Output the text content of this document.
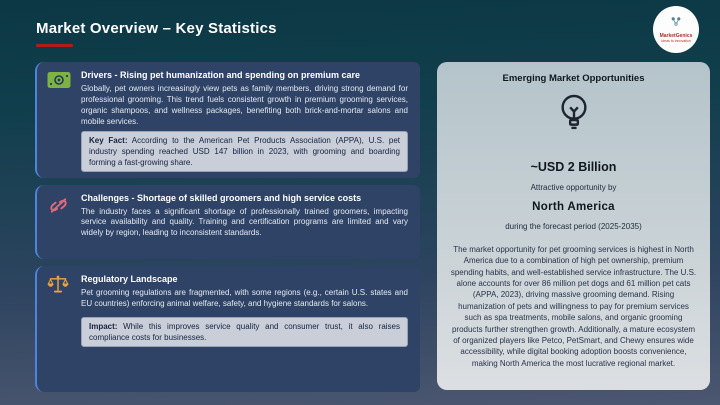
Market Overview – Key Statistics	MarketGenics
Ideas to Innovation
Drivers - Rising pet humanization and spending on premium care
Globally, pet owners increasingly view pets as family members, driving strong demand for professional grooming. This trend fuels consistent growth in premium grooming services, organic shampoos, and wellness packages, benefiting both brick-and-mortar salons and mobile services.
Key Fact: According to the American Pet Products Association (APPA), U.S. pet industry spending reached USD 147 billion in 2023, with grooming and boarding forming a fast-growing share.
Challenges - Shortage of skilled groomers and high service costs
The industry faces a significant shortage of professionally trained groomers, impacting service availability and quality. Training and certification programs are limited and vary widely by region, leading to inconsistent standards.
Regulatory Landscape
Pet grooming regulations are fragmented, with some regions (e.g., certain U.S. states and EU countries) enforcing animal welfare, safety, and hygiene standards for salons.
Impact: While this improves service quality and consumer trust, it also raises compliance costs for businesses.
Emerging Market Opportunities
~USD 2 Billion
Attractive opportunity by
North America
during the forecast period (2025-2035)
The market opportunity for pet grooming services is highest in North America due to a combination of high pet ownership, premium spending habits, and well-established service infrastructure. The U.S. alone accounts for over 86 million pet dogs and 61 million pet cats (APPA, 2023), driving massive grooming demand. Rising humanization of pets and willingness to pay for premium services such as spa treatments, mobile salons, and organic grooming products further strengthen growth. Additionally, a mature ecosystem of organized players like Petco, PetSmart, and Chewy ensures wide accessibility, while digital booking adoption boosts convenience, making North America the most lucrative regional market.
